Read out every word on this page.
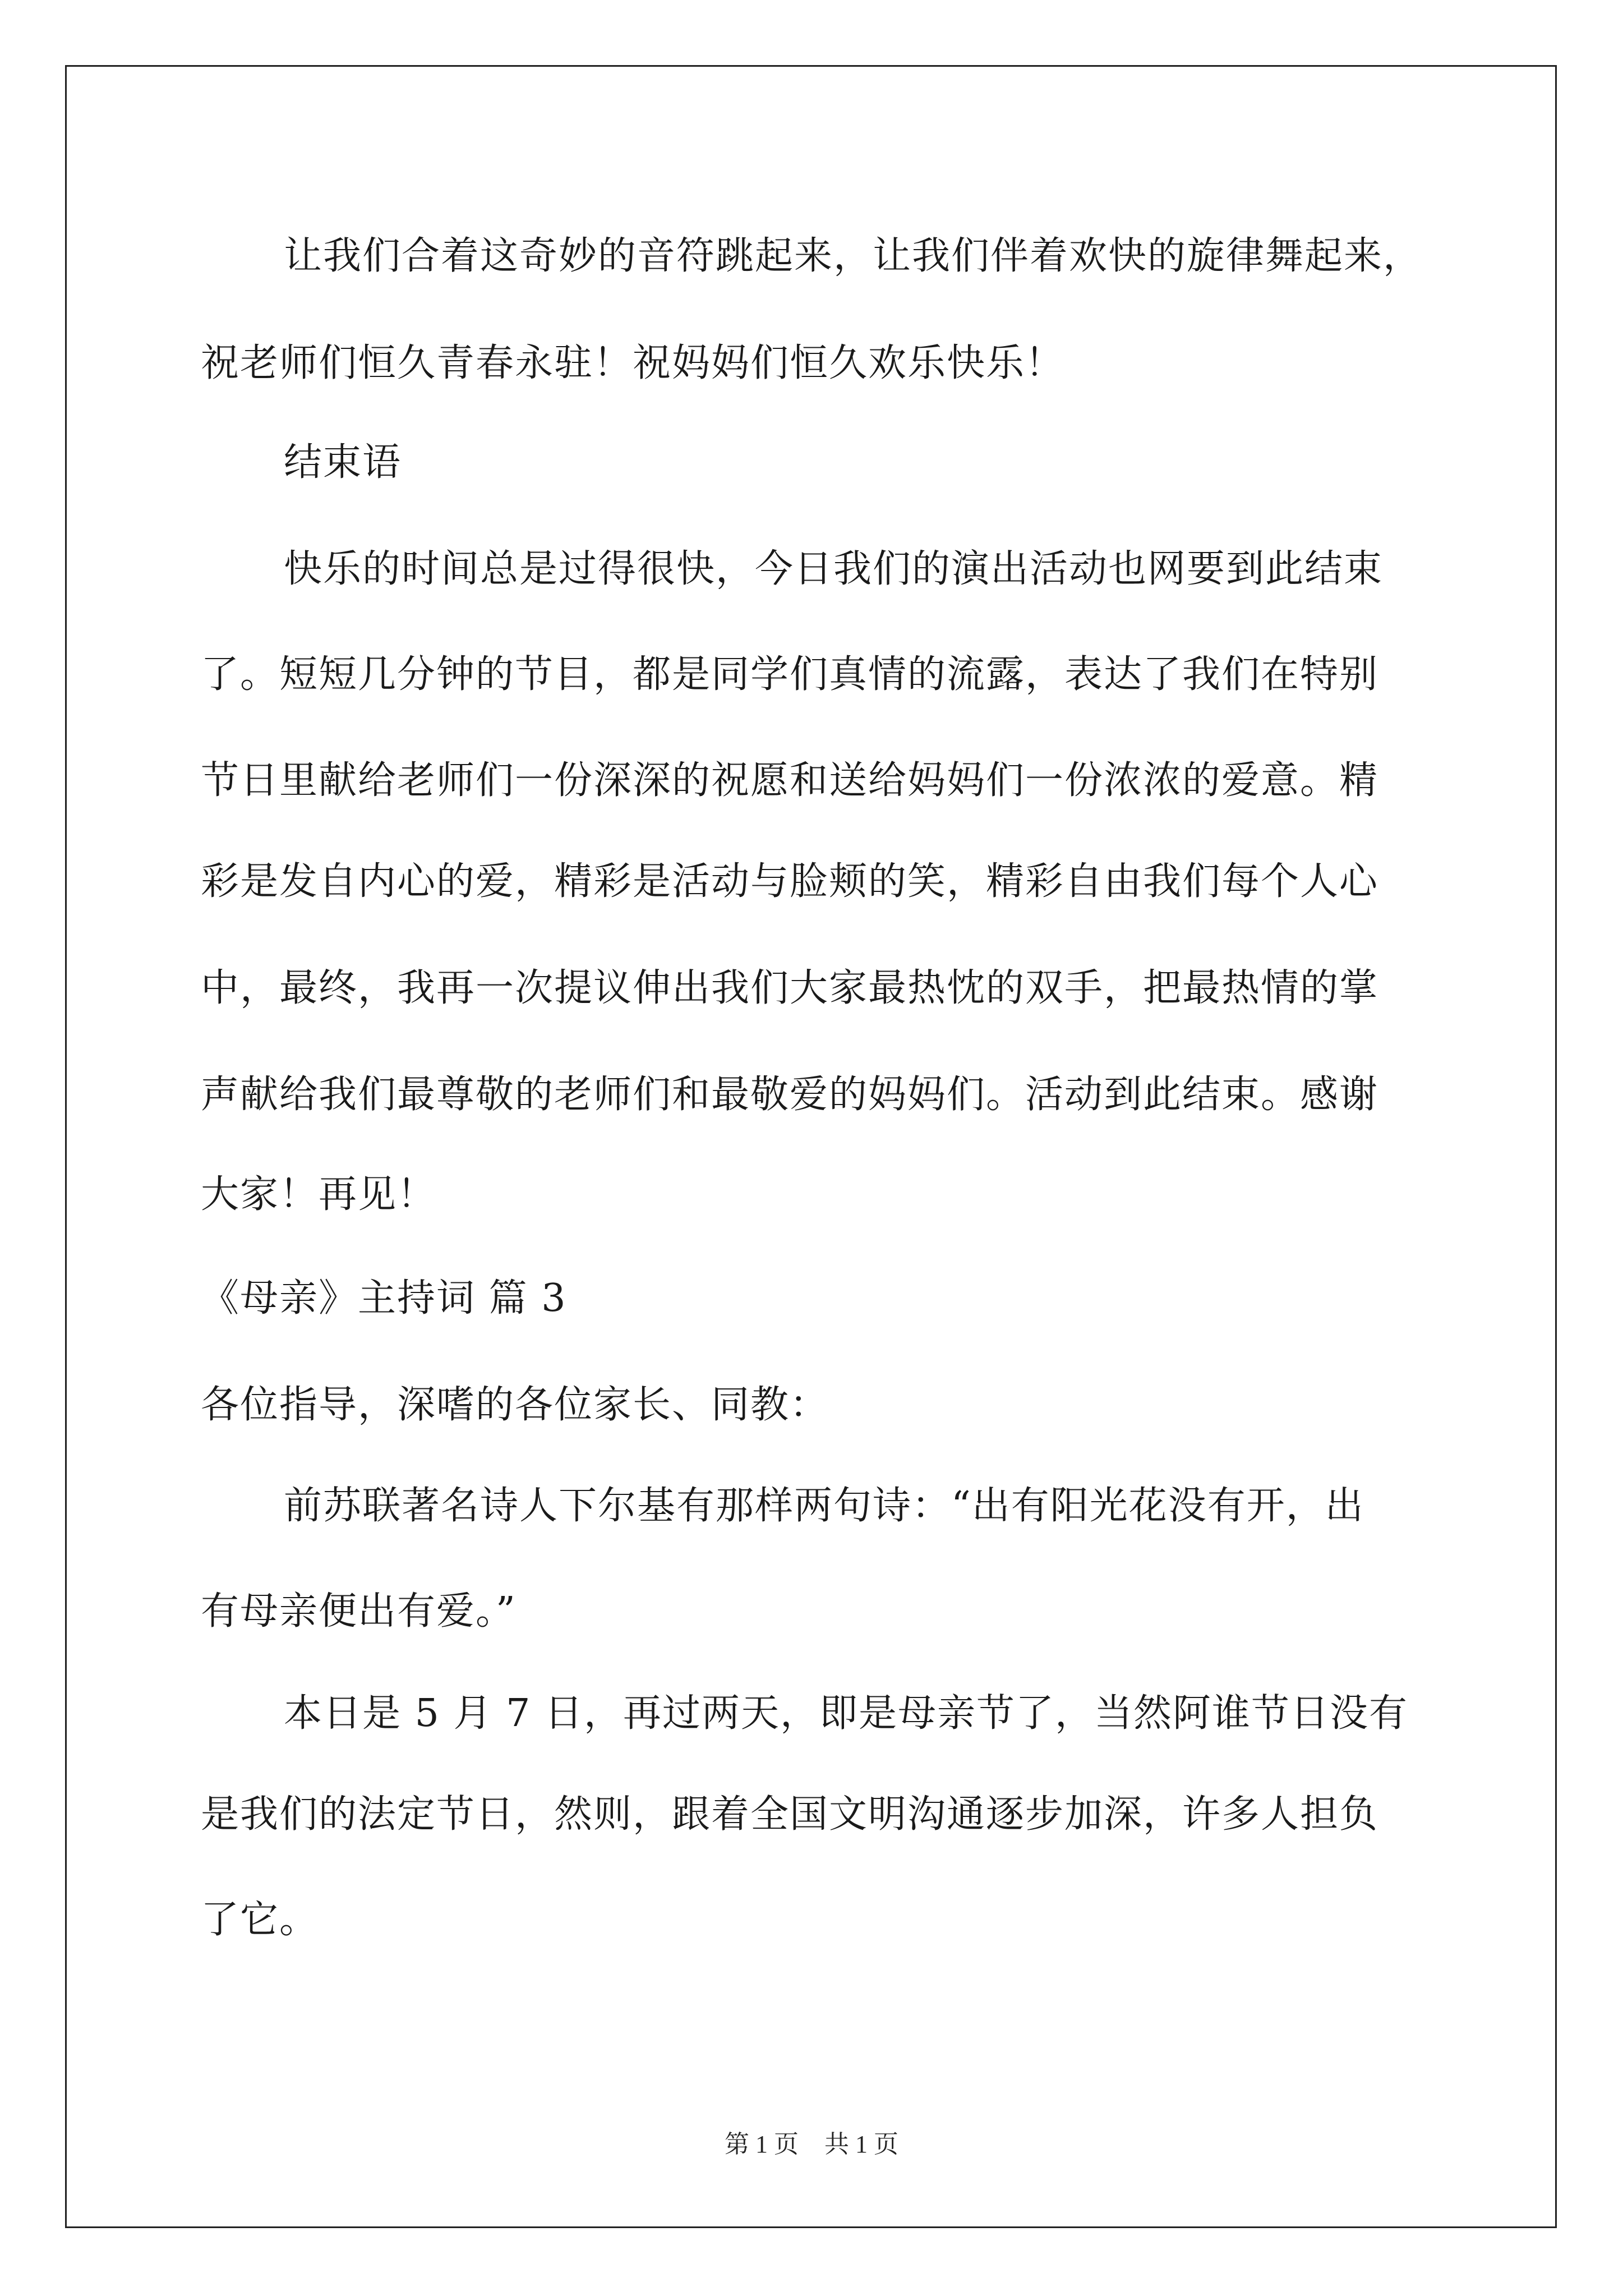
让我们合着这奇妙的音符跳起来，让我们伴着欢快的旋律舞起来，
祝老师们恒久青春永驻！祝妈妈们恒久欢乐快乐！
结束语
快乐的时间总是过得很快，今日我们的演出活动也网要到此结束
了。短短几分钟的节目，都是同学们真情的流露，表达了我们在特别
节日里献给老师们一份深深的祝愿和送给妈妈们一份浓浓的爱意。精
彩是发自内心的爱，精彩是活动与脸颊的笑，精彩自由我们每个人心
中，最终，我再一次提议伸出我们大家最热忱的双手，把最热情的掌
声献给我们最尊敬的老师们和最敬爱的妈妈们。活动到此结束。感谢
大家！再见！
《母亲》主持词 篇 3
各位指导，深嗜的各位家长、同教：
前苏联著名诗人下尔基有那样两句诗：“出有阳光花没有开，出
有母亲便出有爱。”
本日是 5 月 7 日，再过两天，即是母亲节了，当然阿谁节日没有
是我们的法定节日，然则，跟着全国文明沟通逐步加深，许多人担负
了它。
第 1 页 共 1 页
